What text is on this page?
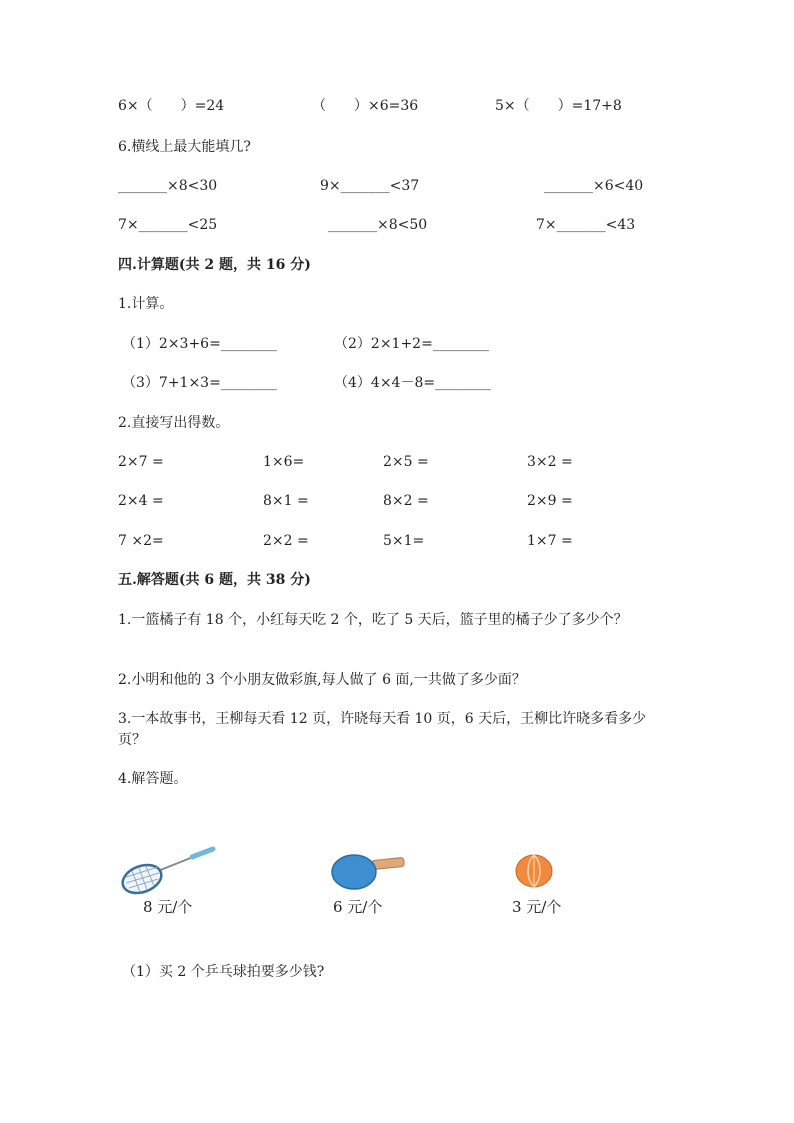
6×（　　）=24	（　　）×6=36	5×（　　）=17+8
6.横线上最大能填几?
_______×8<30	9×_______<37	_______×6<40
7×_______<25	_______×8<50	7×_______<43
四.计算题(共 2 题，共 16 分)
1.计算。
（1）2×3+6=________	（2）2×1+2=________
（3）7+1×3=________	（4）4×4－8=________
2.直接写出得数。
2×7 =	1×6=	2×5 =	3×2 =
2×4 =	8×1 =	8×2 =	2×9 =
7 ×2=	2×2 =	5×1=	1×7 =
五.解答题(共 6 题，共 38 分)
1.一篮橘子有 18 个，小红每天吃 2 个，吃了 5 天后，篮子里的橘子少了多少个？
2.小明和他的 3 个小朋友做彩旗,每人做了 6 面,一共做了多少面？
3.一本故事书，王柳每天看 12 页，许晓每天看 10 页，6 天后，王柳比许晓多看多少页？
4.解答题。
8 元/个	6 元/个	3 元/个
（1）买 2 个乒乓球拍要多少钱?
